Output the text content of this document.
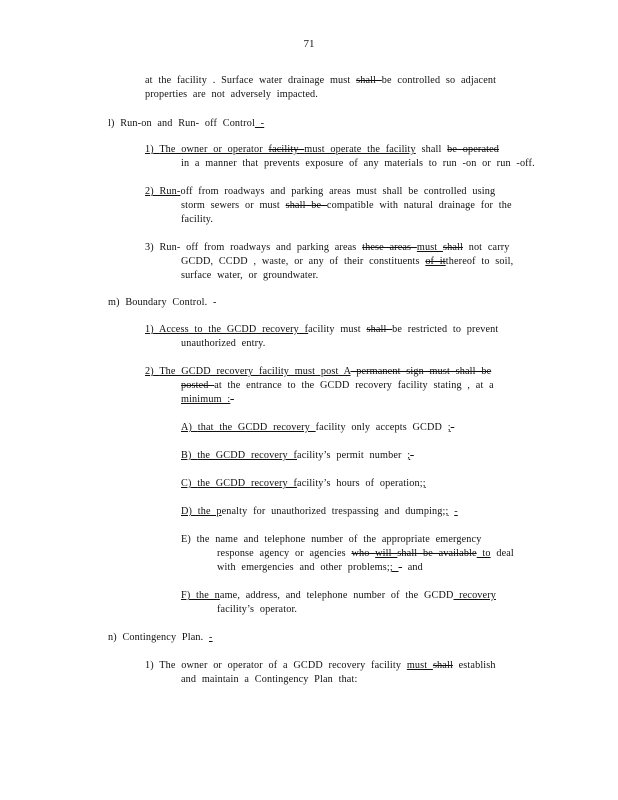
71
at the facility . Surface water drainage must shall be controlled so adjacent
properties are not adversely impacted.
l) Run-on and Run- off Control -
1) The owner or operator facility must operate the facility shall be operated
in a manner that prevents exposure of any materials to run -on or run -off.
2) Run-off from roadways and parking areas must shall be controlled using
storm sewers or must shall be compatible with natural drainage for the
facility.
3) Run- off from roadways and parking areas these areas must shall not carry
GCDD, CCDD , waste, or any of their constituents of itthereof to soil,
surface water, or groundwater.
m) Boundary Control. -
1) Access to the GCDD recovery facility must shall be restricted to prevent
unauthorized entry.
2) The GCDD recovery facility must post A permanent sign must shall be
posted at the entrance to the GCDD recovery facility stating , at a
minimum :-
A) that the GCDD recovery facility only accepts GCDD ;-
B) the GCDD recovery facility’s permit number ;-
C) the GCDD recovery facility’s hours of operation;;
D) the penalty for unauthorized trespassing and dumping;; -
E) the name and telephone number of the appropriate emergency
response agency or agencies who will shall be available to deal
with emergencies and other problems;; - and
F) the name, address, and telephone number of the GCDD recovery
facility’s operator.
n) Contingency Plan. -
1) The owner or operator of a GCDD recovery facility must shall establish
and maintain a Contingency Plan that:
